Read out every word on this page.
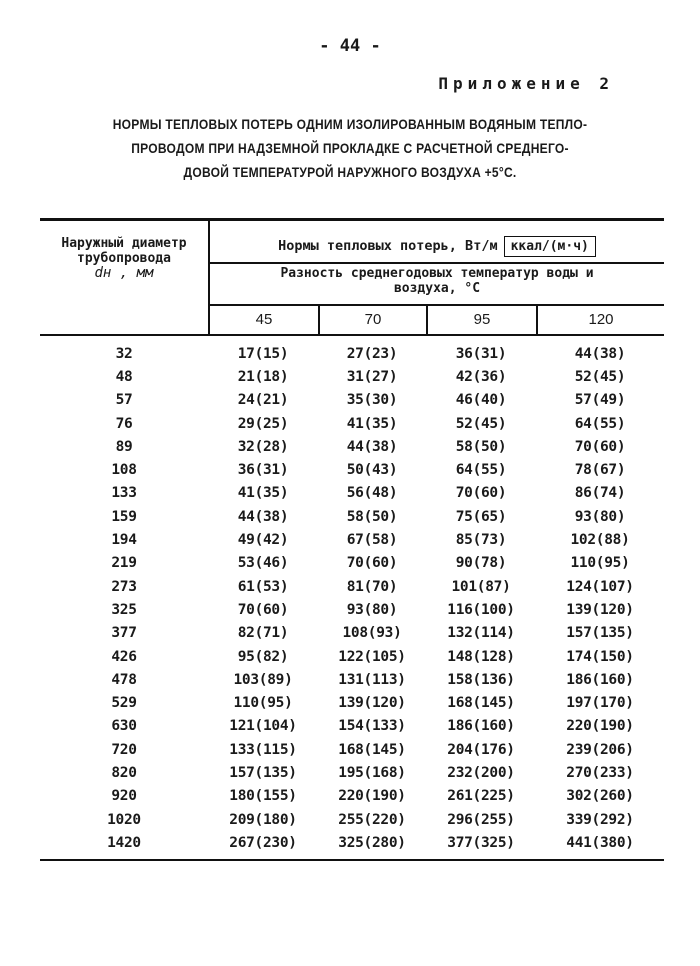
- 44 -
Приложение 2
НОРМЫ ТЕПЛОВЫХ ПОТЕРЬ ОДНИМ ИЗОЛИРОВАННЫМ ВОДЯНЫМ ТЕПЛО-
ПРОВОДОМ ПРИ НАДЗЕМНОЙ ПРОКЛАДКЕ С РАСЧЕТНОЙ СРЕДНЕГО-
ДОВОЙ ТЕМПЕРАТУРОЙ НАРУЖНОГО ВОЗДУХА +5°С.
Наружный диаметр
трубопровода
dн , мм
Нормы тепловых потерь, Вт/м	ккал/(м·ч)
Разность среднегодовых температур воды и
воздуха, °С
45	70	95	120
32	17(15)	27(23)	36(31)	44(38)
48	21(18)	31(27)	42(36)	52(45)
57	24(21)	35(30)	46(40)	57(49)
76	29(25)	41(35)	52(45)	64(55)
89	32(28)	44(38)	58(50)	70(60)
108	36(31)	50(43)	64(55)	78(67)
133	41(35)	56(48)	70(60)	86(74)
159	44(38)	58(50)	75(65)	93(80)
194	49(42)	67(58)	85(73)	102(88)
219	53(46)	70(60)	90(78)	110(95)
273	61(53)	81(70)	101(87)	124(107)
325	70(60)	93(80)	116(100)	139(120)
377	82(71)	108(93)	132(114)	157(135)
426	95(82)	122(105)	148(128)	174(150)
478	103(89)	131(113)	158(136)	186(160)
529	110(95)	139(120)	168(145)	197(170)
630	121(104)	154(133)	186(160)	220(190)
720	133(115)	168(145)	204(176)	239(206)
820	157(135)	195(168)	232(200)	270(233)
920	180(155)	220(190)	261(225)	302(260)
1020	209(180)	255(220)	296(255)	339(292)
1420	267(230)	325(280)	377(325)	441(380)
